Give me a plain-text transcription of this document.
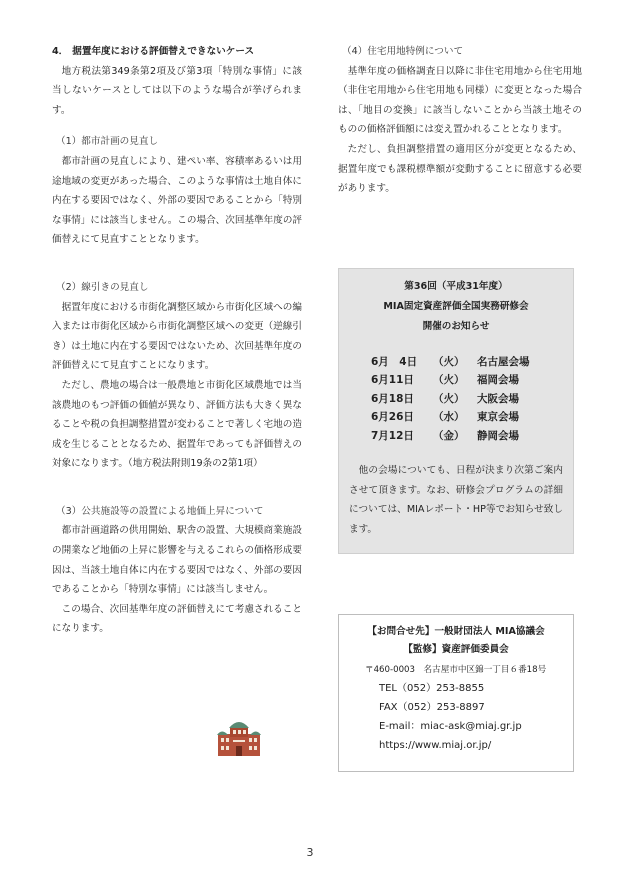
4． 据置年度における評価替えできないケース

地方税法第349条第2項及び第3項「特別な事情」に該当しないケースとしては以下のような場合が挙げられます。

（1）都市計画の見直し

都市計画の見直しにより、建ぺい率、容積率あるいは用途地域の変更があった場合、このような事情は土地自体に内在する要因ではなく、外部の要因であることから「特別な事情」には該当しません。この場合、次回基準年度の評価替えにて見直すこととなります。

（2）線引きの見直し

据置年度における市街化調整区域から市街化区域への編入または市街化区域から市街化調整区域への変更（逆線引き）は土地に内在する要因ではないため、次回基準年度の評価替えにて見直すことになります。

ただし、農地の場合は一般農地と市街化区域農地では当該農地のもつ評価の価値が異なり、評価方法も大きく異なることや税の負担調整措置が変わることで著しく宅地の造成を生じることとなるため、据置年であっても評価替えの対象になります。（地方税法附則19条の2第1項）

（3）公共施設等の設置による地価上昇について

都市計画道路の供用開始、駅舎の設置、大規模商業施設の開業など地価の上昇に影響を与えるこれらの価格形成要因は、当該土地自体に内在する要因ではなく、外部の要因であることから「特別な事情」には該当しません。

この場合、次回基準年度の評価替えにて考慮されることになります。

（4）住宅用地特例について

基準年度の価格調査日以降に非住宅用地から住宅用地（非住宅用地から住宅用地も同様）に変更となった場合は、「地目の変換」に該当しないことから当該土地そのものの価格評価額には変え置かれることとなります。

ただし、負担調整措置の適用区分が変更となるため、据置年度でも課税標準額が変動することに留意する必要があります。

第36回（平成31年度）
MIA固定資産評価全国実務研修会
開催のお知らせ
6月　4日 （火） 名古屋会場
6月11日 （火） 福岡会場
6月18日 （火） 大阪会場
6月26日 （水） 東京会場
7月12日 （金） 静岡会場

他の会場についても、日程が決まり次第ご案内させて頂きます。なお、研修会プログラムの詳細については、MIAレポート・HP等でお知らせ致します。

【お問合せ先】一般財団法人 MIA協議会
【監修】資産評価委員会
〒460-0003　名古屋市中区錦一丁目６番18号
TEL（052）253-8855
FAX（052）253-8897
E-mail：miac-ask@miaj.gr.jp
https://www.miaj.or.jp/
3
